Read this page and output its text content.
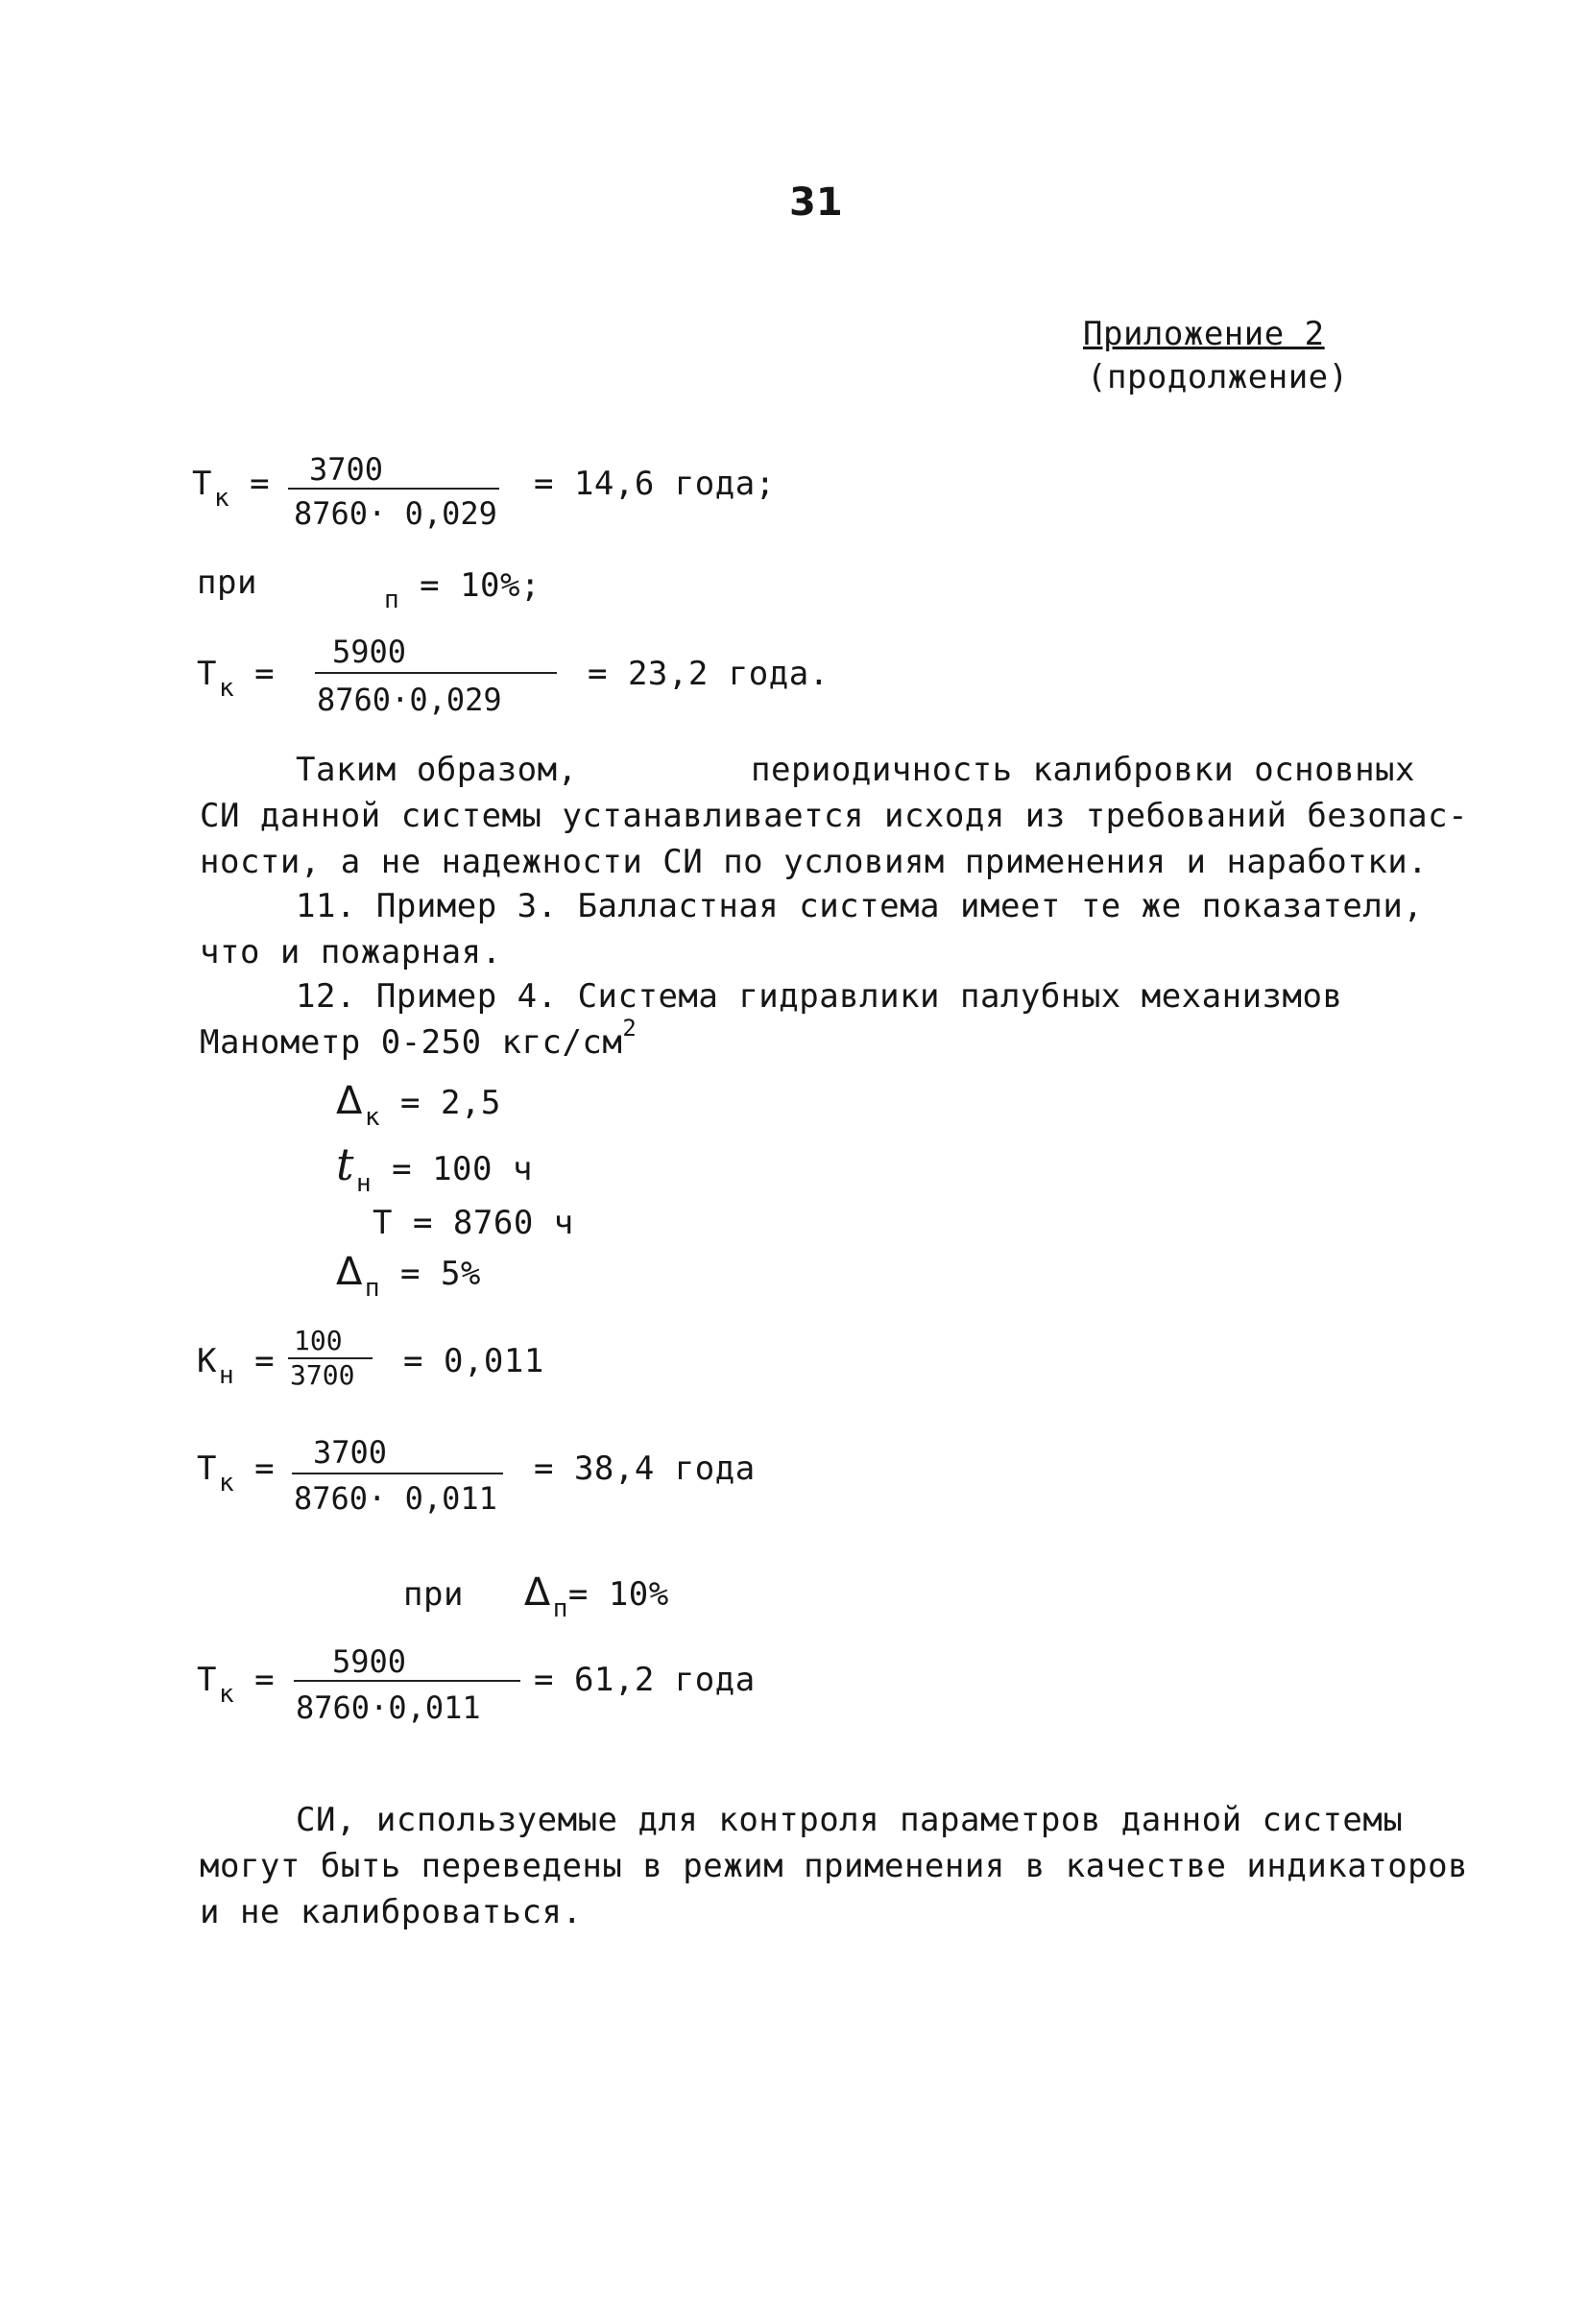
31
Приложение 2
(продолжение)
$Т_к = 3700$
8760· 0,029
= 14,6 года;
при	$_п$ = 10%;
$Т_к$ =
5900
8760·0,029
= 23,2 года.
Таким образом,	периодичность калибровки основных
СИ данной системы устанавливается исходя из требований безопас-
ности, а не надежности СИ по условиям применения и наработки.
11. Пример 3. Балластная система имеет те же показатели,
что и пожарная.
12. Пример 4. Система гидравлики палубных механизмов
Манометр 0-250 кгс/$см^2$
$\Delta_к = 2,5$
$t_н = 100$ ч
Т = 8760 ч
$\Delta_п = 5\%$
$К_н$ =
100
3700 = 0,011
$Т_к = 3700$
8760· 0,011
= 38,4 года
при $\Delta_п= 10\%$
$Т_к = 5900$
8760·0,011
= 61,2 года
СИ, используемые для контроля параметров данной системы
могут быть переведены в режим применения в качестве индикаторов
и не калиброваться.
